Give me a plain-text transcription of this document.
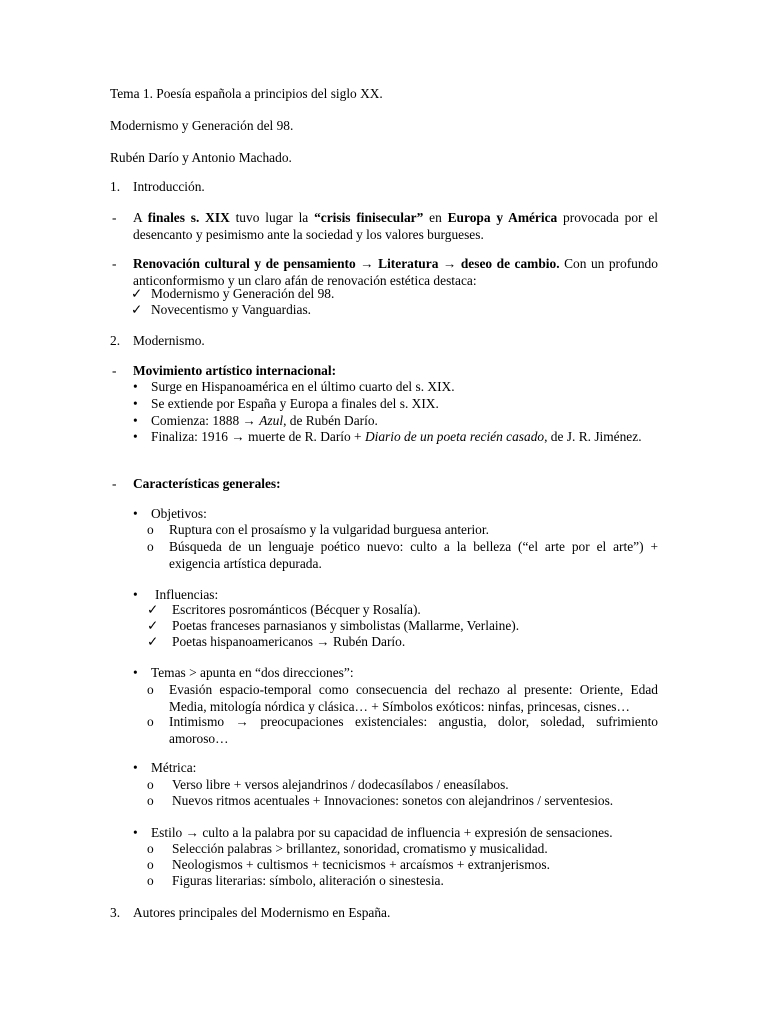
Tema 1. Poesía española a principios del siglo XX.
Modernismo y Generación del 98.
Rubén Darío y Antonio Machado.
1. Introducción.
- A finales s. XIX tuvo lugar la “crisis finisecular” en Europa y América provocada por el desencanto y pesimismo ante la sociedad y los valores burgueses.
- Renovación cultural y de pensamiento → Literatura → deseo de cambio. Con un profundo anticonformismo y un claro afán de renovación estética destaca:
✓ Modernismo y Generación del 98.
✓ Novecentismo y Vanguardias.
2. Modernismo.
- Movimiento artístico internacional:
• Surge en Hispanoamérica en el último cuarto del s. XIX.
• Se extiende por España y Europa a finales del s. XIX.
• Comienza: 1888 → Azul, de Rubén Darío.
• Finaliza: 1916 → muerte de R. Darío + Diario de un poeta recién casado, de J. R. Jiménez.
- Características generales:
• Objetivos:
o Ruptura con el prosaísmo y la vulgaridad burguesa anterior.
o Búsqueda de un lenguaje poético nuevo: culto a la belleza (“el arte por el arte”) + exigencia artística depurada.
• Influencias:
✓ Escritores posrománticos (Bécquer y Rosalía).
✓ Poetas franceses parnasianos y simbolistas (Mallarme, Verlaine).
✓ Poetas hispanoamericanos → Rubén Darío.
• Temas > apunta en “dos direcciones”:
o Evasión espacio-temporal como consecuencia del rechazo al presente: Oriente, Edad Media, mitología nórdica y clásica… + Símbolos exóticos: ninfas, princesas, cisnes…
o Intimismo → preocupaciones existenciales: angustia, dolor, soledad, sufrimiento amoroso…
• Métrica:
o Verso libre + versos alejandrinos / dodecasílabos / eneasílabos.
o Nuevos ritmos acentuales + Innovaciones: sonetos con alejandrinos / serventesios.
• Estilo → culto a la palabra por su capacidad de influencia + expresión de sensaciones.
o Selección palabras > brillantez, sonoridad, cromatismo y musicalidad.
o Neologismos + cultismos + tecnicismos + arcaísmos + extranjerismos.
o Figuras literarias: símbolo, aliteración o sinestesia.
3. Autores principales del Modernismo en España.
